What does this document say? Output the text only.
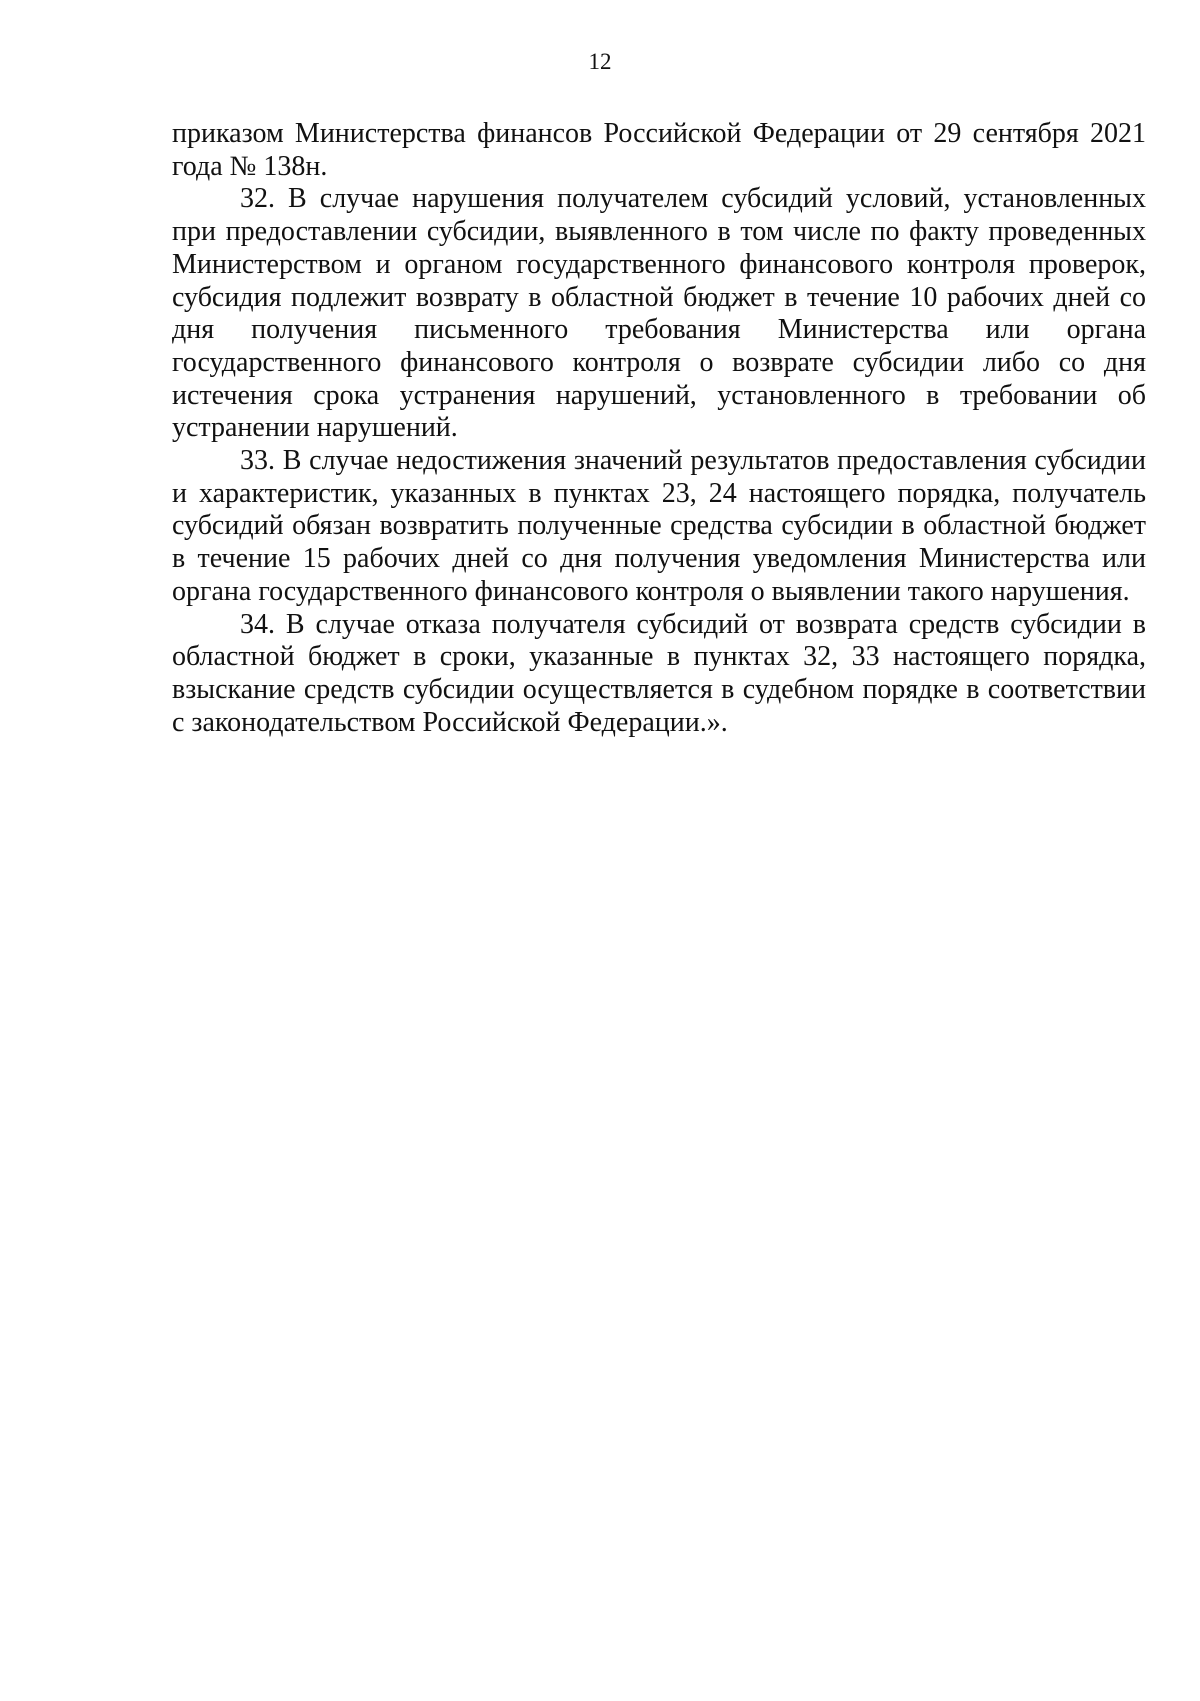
12

приказом Министерства финансов Российской Федерации от 29 сентября 2021 года № 138н.

32. В случае нарушения получателем субсидий условий, установленных при предоставлении субсидии, выявленного в том числе по факту проведенных Министерством и органом государственного финансового контроля проверок, субсидия подлежит возврату в областной бюджет в течение 10 рабочих дней со дня получения письменного требования Министерства или органа государственного финансового контроля о возврате субсидии либо со дня истечения срока устранения нарушений, установленного в требовании об устранении нарушений.

33. В случае недостижения значений результатов предоставления субсидии и характеристик, указанных в пунктах 23, 24 настоящего порядка, получатель субсидий обязан возвратить полученные средства субсидии в областной бюджет в течение 15 рабочих дней со дня получения уведомления Министерства или органа государственного финансового контроля о выявлении такого нарушения.

34. В случае отказа получателя субсидий от возврата средств субсидии в областной бюджет в сроки, указанные в пунктах 32, 33 настоящего порядка, взыскание средств субсидии осуществляется в судебном порядке в соответствии с законодательством Российской Федерации.».
